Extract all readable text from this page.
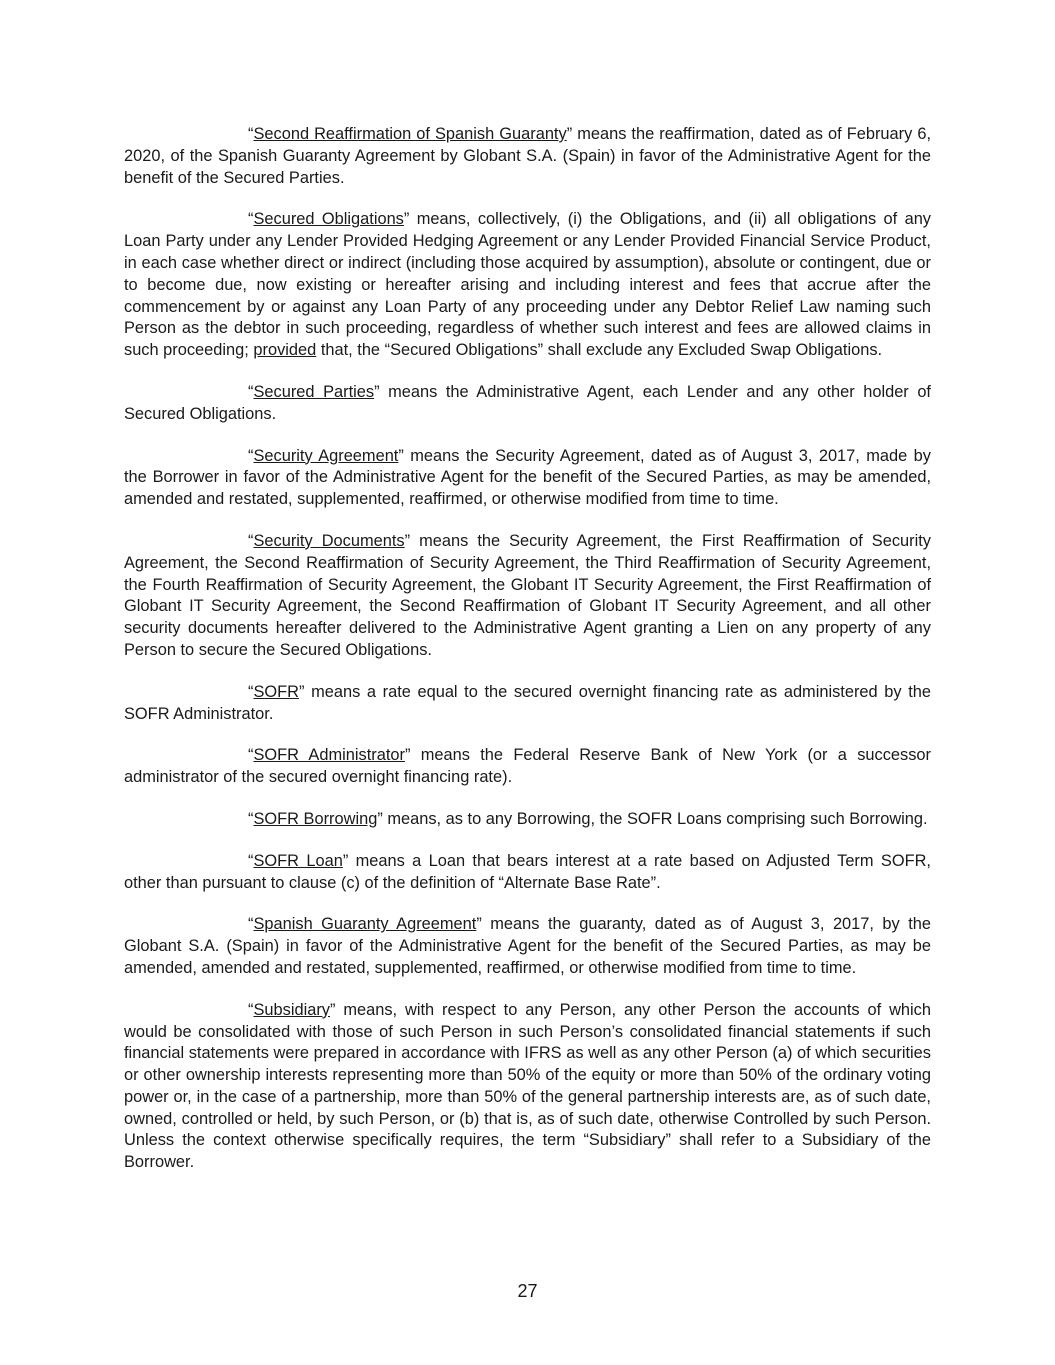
“Second Reaffirmation of Spanish Guaranty” means the reaffirmation, dated as of February 6, 2020, of the Spanish Guaranty Agreement by Globant S.A. (Spain) in favor of the Administrative Agent for the benefit of the Secured Parties.

“Secured Obligations” means, collectively, (i) the Obligations, and (ii) all obligations of any Loan Party under any Lender Provided Hedging Agreement or any Lender Provided Financial Service Product, in each case whether direct or indirect (including those acquired by assumption), absolute or contingent, due or to become due, now existing or hereafter arising and including interest and fees that accrue after the commencement by or against any Loan Party of any proceeding under any Debtor Relief Law naming such Person as the debtor in such proceeding, regardless of whether such interest and fees are allowed claims in such proceeding; provided that, the “Secured Obligations” shall exclude any Excluded Swap Obligations.

“Secured Parties” means the Administrative Agent, each Lender and any other holder of Secured Obligations.

“Security Agreement” means the Security Agreement, dated as of August 3, 2017, made by the Borrower in favor of the Administrative Agent for the benefit of the Secured Parties, as may be amended, amended and restated, supplemented, reaffirmed, or otherwise modified from time to time.

“Security Documents” means the Security Agreement, the First Reaffirmation of Security Agreement, the Second Reaffirmation of Security Agreement, the Third Reaffirmation of Security Agreement, the Fourth Reaffirmation of Security Agreement, the Globant IT Security Agreement, the First Reaffirmation of Globant IT Security Agreement, the Second Reaffirmation of Globant IT Security Agreement, and all other security documents hereafter delivered to the Administrative Agent granting a Lien on any property of any Person to secure the Secured Obligations.

“SOFR” means a rate equal to the secured overnight financing rate as administered by the SOFR Administrator.

“SOFR Administrator” means the Federal Reserve Bank of New York (or a successor administrator of the secured overnight financing rate).

“SOFR Borrowing” means, as to any Borrowing, the SOFR Loans comprising such Borrowing.

“SOFR Loan” means a Loan that bears interest at a rate based on Adjusted Term SOFR, other than pursuant to clause (c) of the definition of “Alternate Base Rate”.

“Spanish Guaranty Agreement” means the guaranty, dated as of August 3, 2017, by the Globant S.A. (Spain) in favor of the Administrative Agent for the benefit of the Secured Parties, as may be amended, amended and restated, supplemented, reaffirmed, or otherwise modified from time to time.

“Subsidiary” means, with respect to any Person, any other Person the accounts of which would be consolidated with those of such Person in such Person’s consolidated financial statements if such financial statements were prepared in accordance with IFRS as well as any other Person (a) of which securities or other ownership interests representing more than 50% of the equity or more than 50% of the ordinary voting power or, in the case of a partnership, more than 50% of the general partnership interests are, as of such date, owned, controlled or held, by such Person, or (b) that is, as of such date, otherwise Controlled by such Person. Unless the context otherwise specifically requires, the term “Subsidiary” shall refer to a Subsidiary of the Borrower.

27
